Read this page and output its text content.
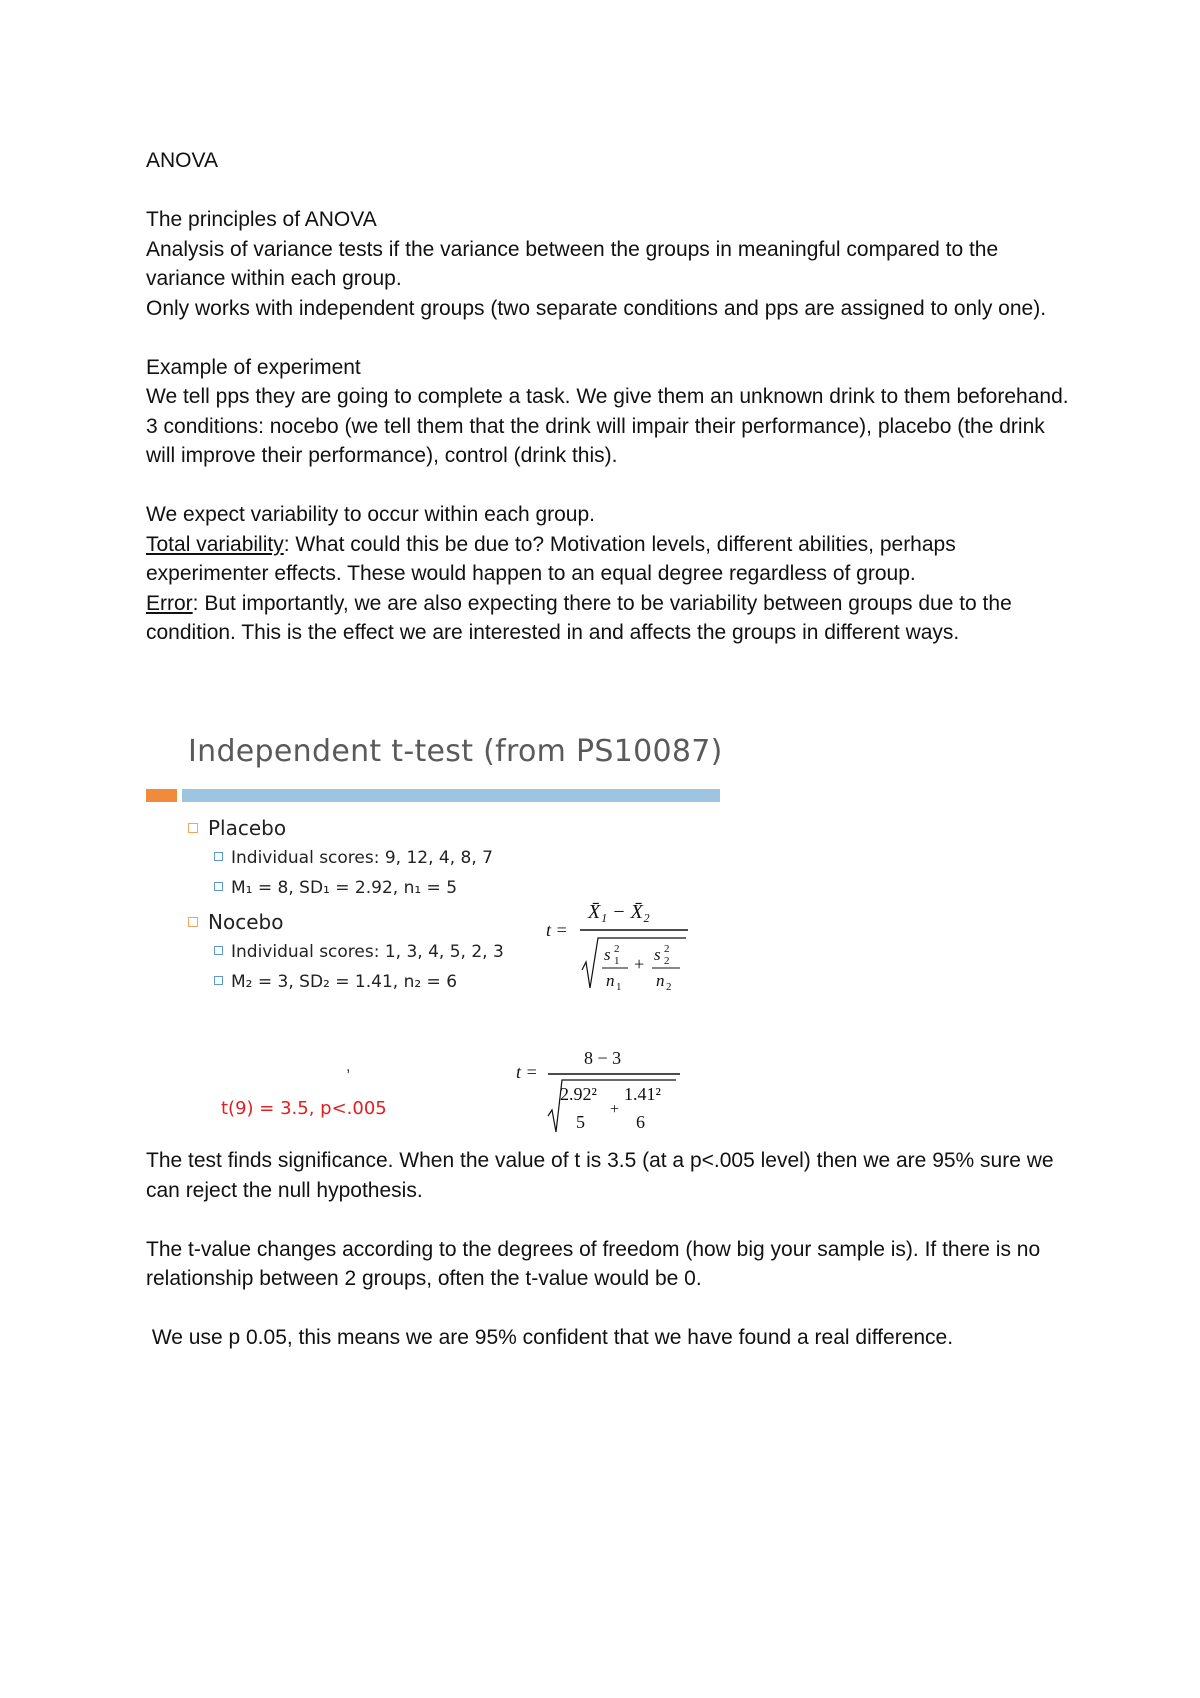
ANOVA

The principles of ANOVA

Analysis of variance tests if the variance between the groups in meaningful compared to the variance within each group.

Only works with independent groups (two separate conditions and pps are assigned to only one).

Example of experiment

We tell pps they are going to complete a task. We give them an unknown drink to them beforehand.

3 conditions: nocebo (we tell them that the drink will impair their performance), placebo (the drink will improve their performance), control (drink this).

We expect variability to occur within each group.

Total variability: What could this be due to? Motivation levels, different abilities, perhaps experimenter effects. These would happen to an equal degree regardless of group.

Error: But importantly, we are also expecting there to be variability between groups due to the condition. This is the effect we are interested in and affects the groups in different ways.

Independent t-test (from PS10087)
Placebo
Individual scores: 9, 12, 4, 8, 7
M₁ = 8, SD₁ = 2.92, n₁ = 5
Nocebo
Individual scores: 1, 3, 4, 5, 2, 3
M₂ = 3, SD₂ = 1.41, n₂ = 6
t =
X̄₁ − X̄₂
s 2
1
n 1
+ s 2
2
n 2
,	t =
8 − 3
2.92²
5
+
1.41²
6
t(9) = 3.5, p<.005

The test finds significance. When the value of t is 3.5 (at a p<.005 level) then we are 95% sure we can reject the null hypothesis.

The t-value changes according to the degrees of freedom (how big your sample is). If there is no relationship between 2 groups, often the t-value would be 0.

We use p 0.05, this means we are 95% confident that we have found a real difference.
